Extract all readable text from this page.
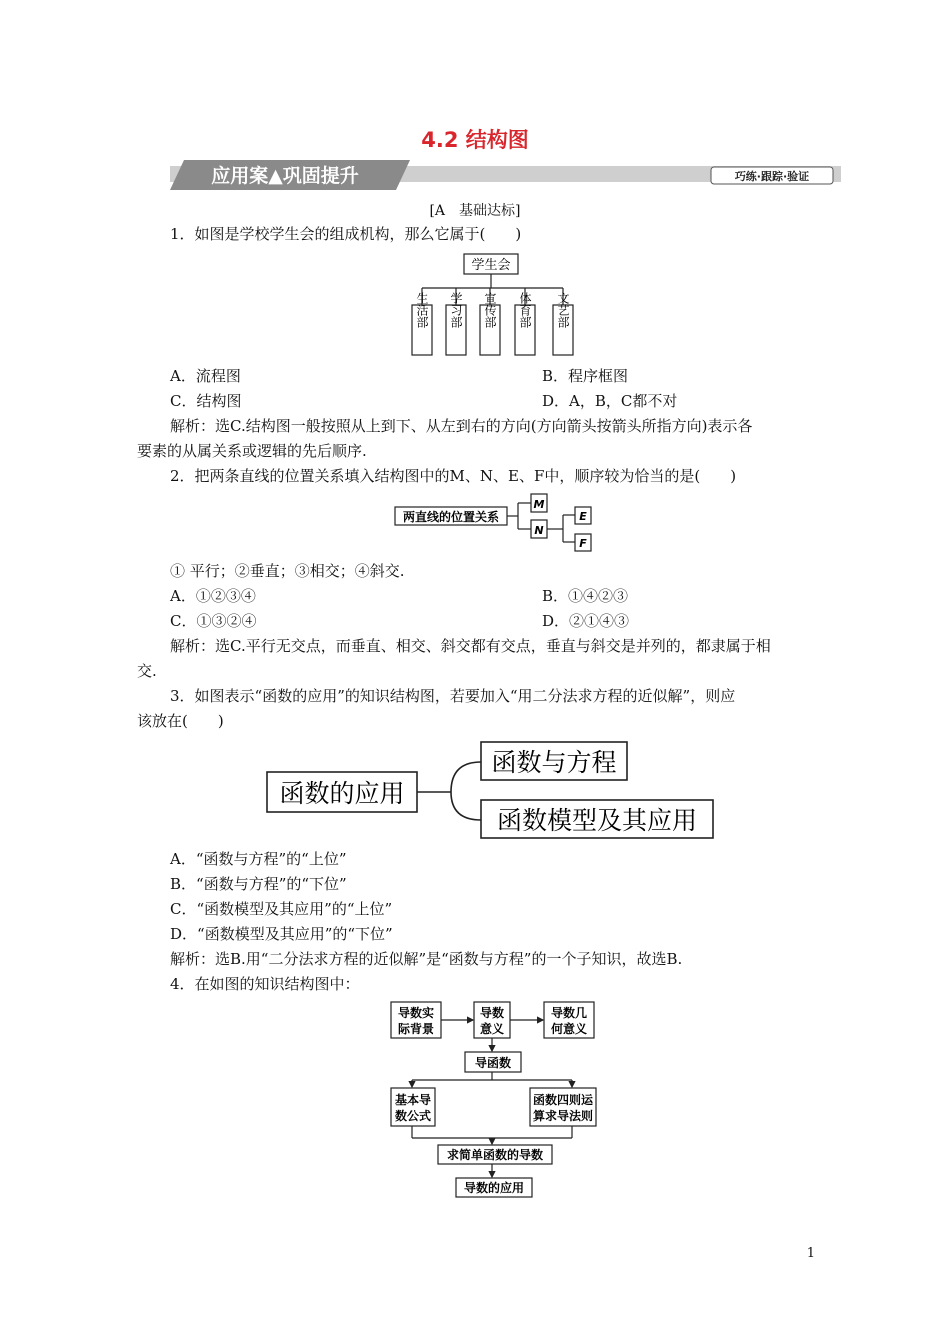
4.2 结构图
应用案▲巩固提升	巧练·跟踪·验证
[A　基础达标]
1．如图是学校学生会的组成机构，那么它属于(　　)
学生会
生活部 学习部 宣传部 体育部 文艺部
A．流程图	B．程序框图
C．结构图	D．A，B，C都不对
解析：选C.结构图一般按照从上到下、从左到右的方向(方向箭头按箭头所指方向)表示各
要素的从属关系或逻辑的先后顺序.
2．把两条直线的位置关系填入结构图中的M、N、E、F中，顺序较为恰当的是(　　)
两直线的位置关系
M
N
E
F
① 平行；②垂直；③相交；④斜交.
A．①②③④	B．①④②③
C．①③②④	D．②①④③
解析：选C.平行无交点，而垂直、相交、斜交都有交点，垂直与斜交是并列的，都隶属于相
交.
3．如图表示“函数的应用”的知识结构图，若要加入“用二分法求方程的近似解”，则应
该放在(　　)
函数的应用
函数与方程
函数模型及其应用
A．“函数与方程”的“上位”
B．“函数与方程”的“下位”
C．“函数模型及其应用”的“上位”
D．“函数模型及其应用”的“下位”
解析：选B.用“二分法求方程的近似解”是“函数与方程”的一个子知识，故选B.
4．在如图的知识结构图中：
导数实
际背景
导数
意义
导数几
何意义
导函数
基本导
数公式
函数四则运
算求导法则
求简单函数的导数
导数的应用
1
